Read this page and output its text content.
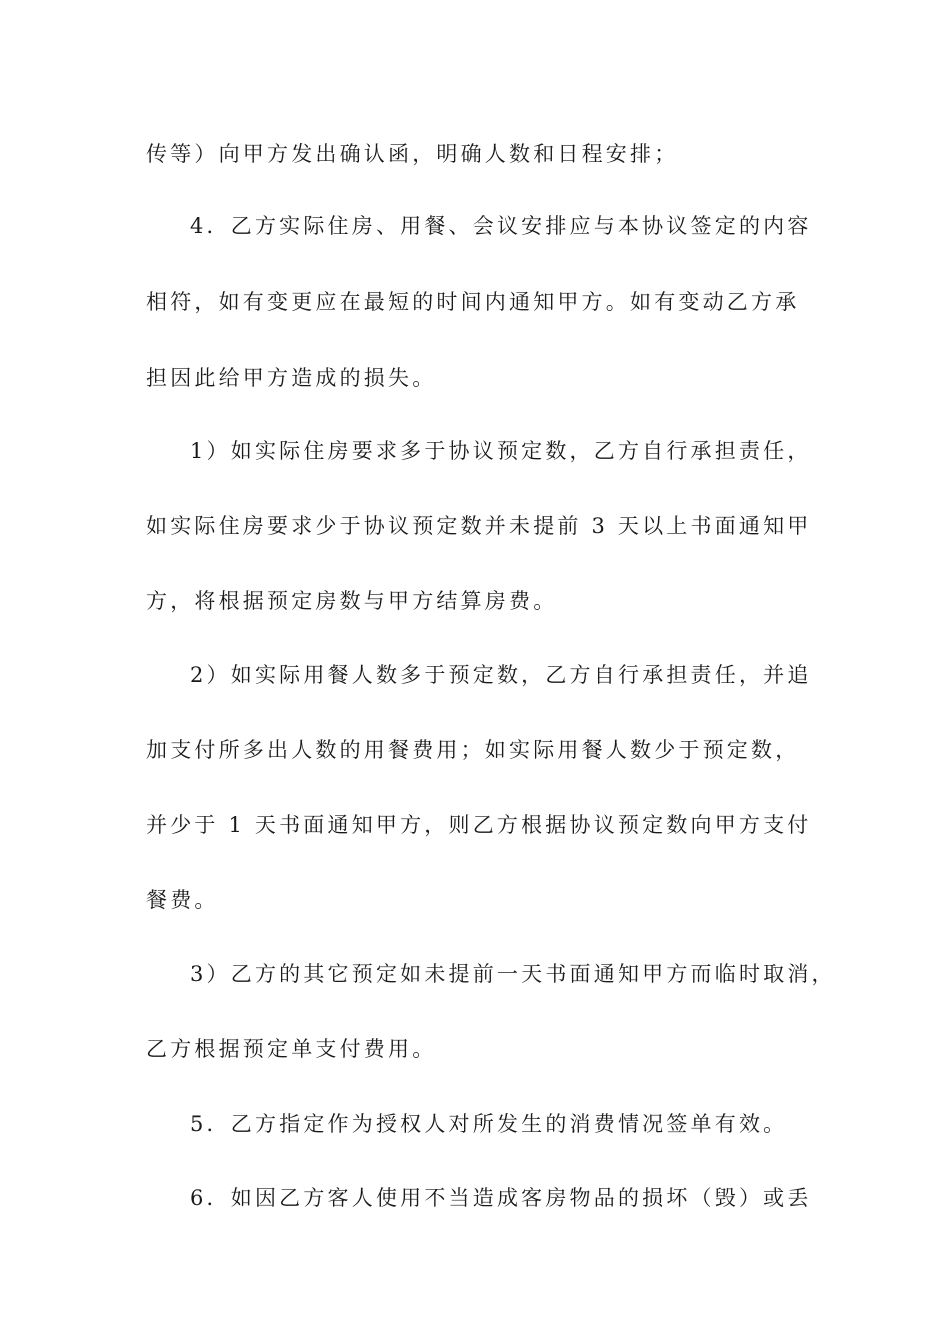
传等）向甲方发出确认函，明确人数和日程安排；
4．乙方实际住房、用餐、会议安排应与本协议签定的内容
相符，如有变更应在最短的时间内通知甲方。如有变动乙方承
担因此给甲方造成的损失。
1）如实际住房要求多于协议预定数，乙方自行承担责任，
如实际住房要求少于协议预定数并未提前 3 天以上书面通知甲
方，将根据预定房数与甲方结算房费。
2）如实际用餐人数多于预定数，乙方自行承担责任，并追
加支付所多出人数的用餐费用；如实际用餐人数少于预定数，
并少于 1 天书面通知甲方，则乙方根据协议预定数向甲方支付
餐费。
3）乙方的其它预定如未提前一天书面通知甲方而临时取消，
乙方根据预定单支付费用。
5．乙方指定作为授权人对所发生的消费情况签单有效。
6．如因乙方客人使用不当造成客房物品的损坏（毁）或丢
